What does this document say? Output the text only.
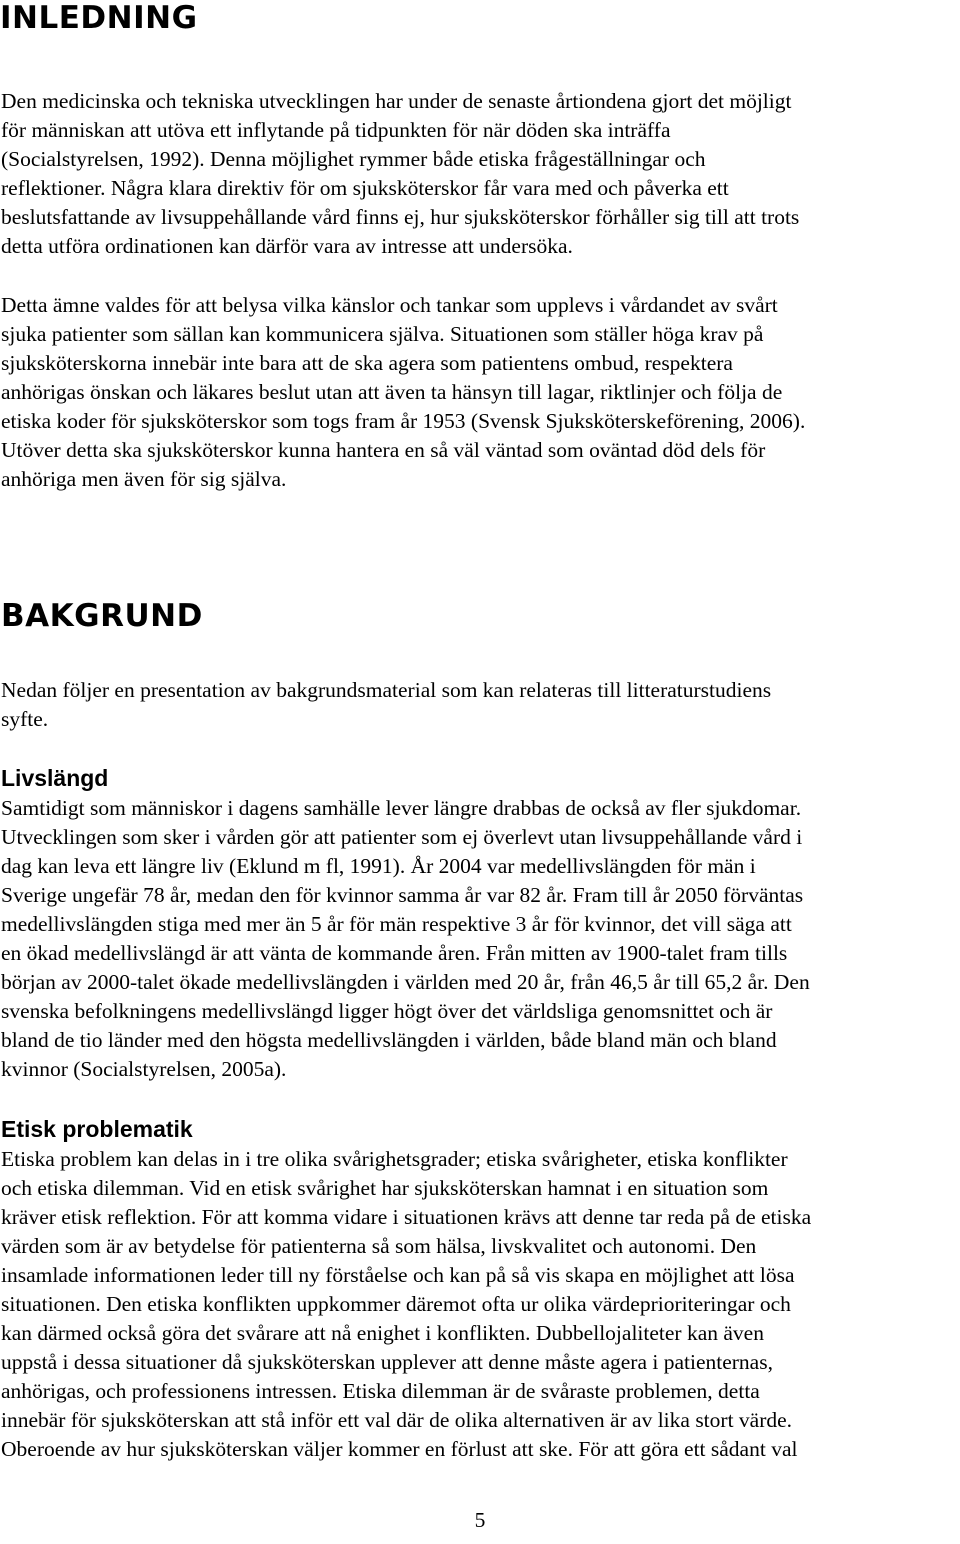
INLEDNING

Den medicinska och tekniska utvecklingen har under de senaste årtiondena gjort det möjligt

för människan att utöva ett inflytande på tidpunkten för när döden ska inträffa

(Socialstyrelsen, 1992). Denna möjlighet rymmer både etiska frågeställningar och

reflektioner. Några klara direktiv för om sjuksköterskor får vara med och påverka ett

beslutsfattande av livsuppehållande vård finns ej, hur sjuksköterskor förhåller sig till att trots

detta utföra ordinationen kan därför vara av intresse att undersöka.

Detta ämne valdes för att belysa vilka känslor och tankar som upplevs i vårdandet av svårt

sjuka patienter som sällan kan kommunicera själva. Situationen som ställer höga krav på

sjuksköterskorna innebär inte bara att de ska agera som patientens ombud, respektera

anhörigas önskan och läkares beslut utan att även ta hänsyn till lagar, riktlinjer och följa de

etiska koder för sjuksköterskor som togs fram år 1953 (Svensk Sjuksköterskeförening, 2006).

Utöver detta ska sjuksköterskor kunna hantera en så väl väntad som oväntad död dels för

anhöriga men även för sig själva.

BAKGRUND

Nedan följer en presentation av bakgrundsmaterial som kan relateras till litteraturstudiens

syfte.

Livslängd

Samtidigt som människor i dagens samhälle lever längre drabbas de också av fler sjukdomar.

Utvecklingen som sker i vården gör att patienter som ej överlevt utan livsuppehållande vård i

dag kan leva ett längre liv (Eklund m fl, 1991). År 2004 var medellivslängden för män i

Sverige ungefär 78 år, medan den för kvinnor samma år var 82 år. Fram till år 2050 förväntas

medellivslängden stiga med mer än 5 år för män respektive 3 år för kvinnor, det vill säga att

en ökad medellivslängd är att vänta de kommande åren. Från mitten av 1900-talet fram tills

början av 2000-talet ökade medellivslängden i världen med 20 år, från 46,5 år till 65,2 år. Den

svenska befolkningens medellivslängd ligger högt över det världsliga genomsnittet och är

bland de tio länder med den högsta medellivslängden i världen, både bland män och bland

kvinnor (Socialstyrelsen, 2005a).

Etisk problematik

Etiska problem kan delas in i tre olika svårighetsgrader; etiska svårigheter, etiska konflikter

och etiska dilemman. Vid en etisk svårighet har sjuksköterskan hamnat i en situation som

kräver etisk reflektion. För att komma vidare i situationen krävs att denne tar reda på de etiska

värden som är av betydelse för patienterna så som hälsa, livskvalitet och autonomi. Den

insamlade informationen leder till ny förståelse och kan på så vis skapa en möjlighet att lösa

situationen. Den etiska konflikten uppkommer däremot ofta ur olika värdeprioriteringar och

kan därmed också göra det svårare att nå enighet i konflikten. Dubbellojaliteter kan även

uppstå i dessa situationer då sjuksköterskan upplever att denne måste agera i patienternas,

anhörigas, och professionens intressen. Etiska dilemman är de svåraste problemen, detta

innebär för sjuksköterskan att stå inför ett val där de olika alternativen är av lika stort värde.

Oberoende av hur sjuksköterskan väljer kommer en förlust att ske. För att göra ett sådant val

5
